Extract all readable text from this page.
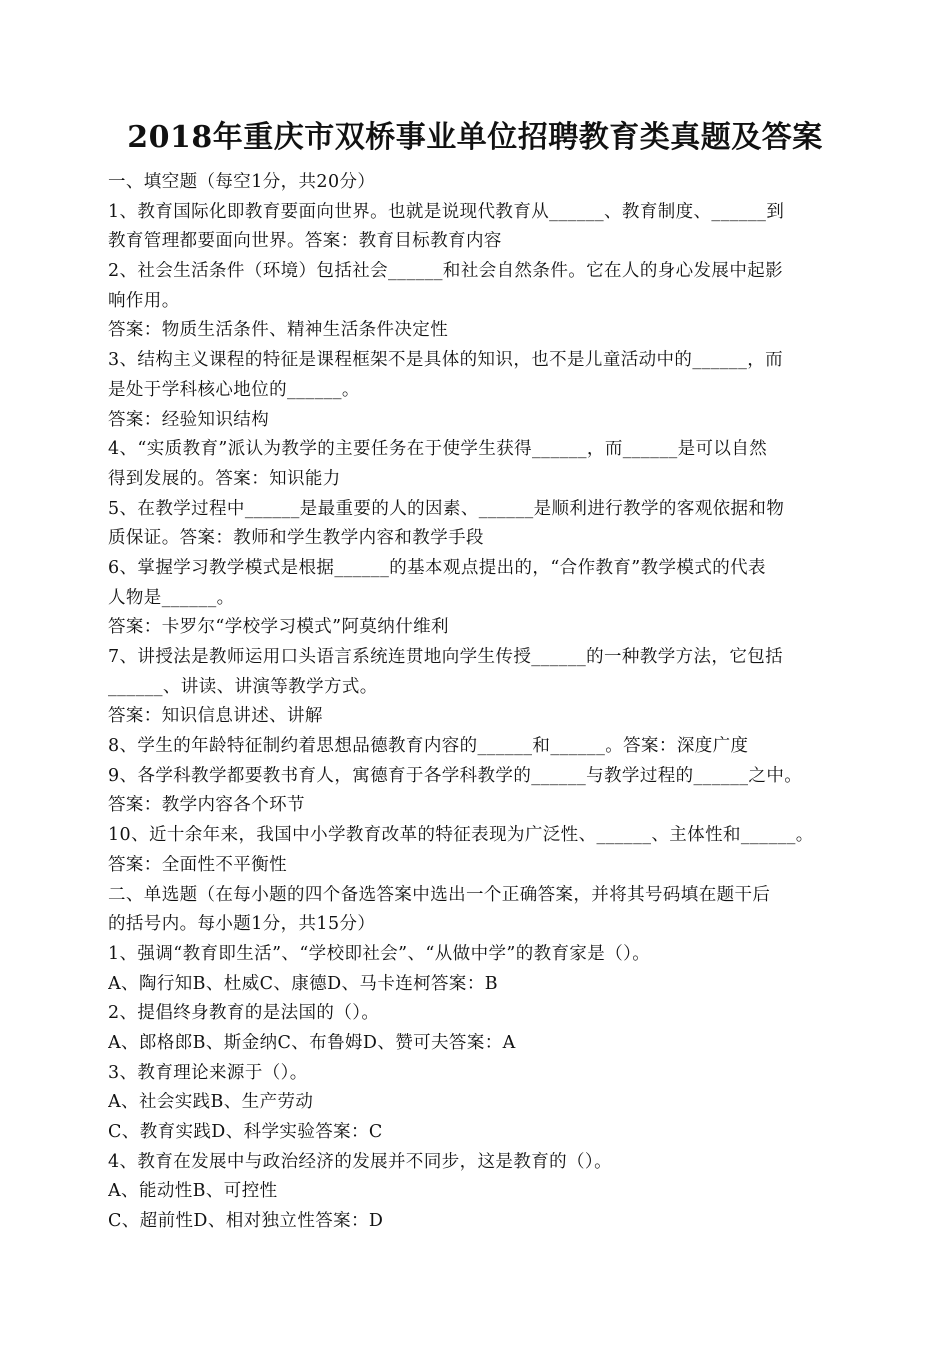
2018年重庆市双桥事业单位招聘教育类真题及答案
一、填空题（每空1分，共20分）
1、教育国际化即教育要面向世界。也就是说现代教育从______、教育制度、______到
教育管理都要面向世界。答案：教育目标教育内容
2、社会生活条件（环境）包括社会______和社会自然条件。它在人的身心发展中起影
响作用。
答案：物质生活条件、精神生活条件决定性
3、结构主义课程的特征是课程框架不是具体的知识，也不是儿童活动中的______，而
是处于学科核心地位的______。
答案：经验知识结构
4、“实质教育”派认为教学的主要任务在于使学生获得______，而______是可以自然
得到发展的。答案：知识能力
5、在教学过程中______是最重要的人的因素、______是顺利进行教学的客观依据和物
质保证。答案：教师和学生教学内容和教学手段
6、掌握学习教学模式是根据______的基本观点提出的，“合作教育”教学模式的代表
人物是______。
答案：卡罗尔“学校学习模式”阿莫纳什维利
7、讲授法是教师运用口头语言系统连贯地向学生传授______的一种教学方法，它包括
______、讲读、讲演等教学方式。
答案：知识信息讲述、讲解
8、学生的年龄特征制约着思想品德教育内容的______和______。答案：深度广度
9、各学科教学都要教书育人，寓德育于各学科教学的______与教学过程的______之中。
答案：教学内容各个环节
10、近十余年来，我国中小学教育改革的特征表现为广泛性、______、主体性和______。
答案：全面性不平衡性
二、单选题（在每小题的四个备选答案中选出一个正确答案，并将其号码填在题干后
的括号内。每小题1分，共15分）
1、强调“教育即生活”、“学校即社会”、“从做中学”的教育家是（）。
A、陶行知B、杜威C、康德D、马卡连柯答案：B
2、提倡终身教育的是法国的（）。
A、郎格郎B、斯金纳C、布鲁姆D、赞可夫答案：A
3、教育理论来源于（）。
A、社会实践B、生产劳动
C、教育实践D、科学实验答案：C
4、教育在发展中与政治经济的发展并不同步，这是教育的（）。
A、能动性B、可控性
C、超前性D、相对独立性答案：D
